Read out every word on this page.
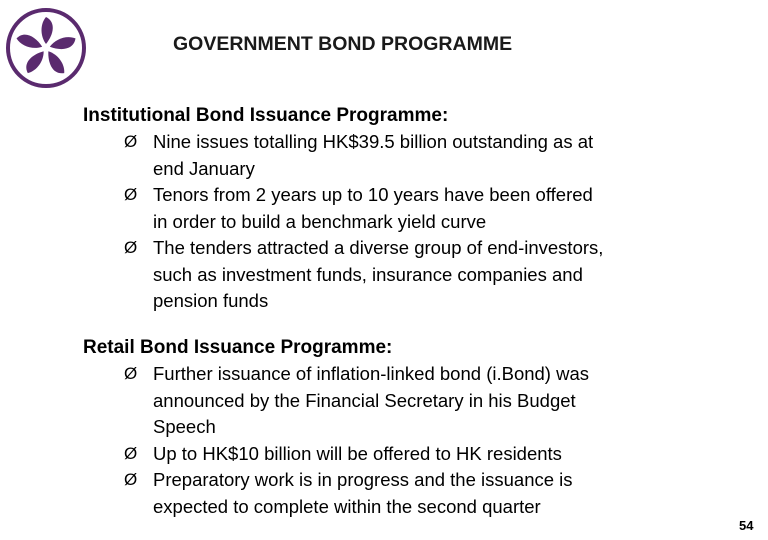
GOVERNMENT BOND PROGRAMME
Institutional Bond Issuance Programme:
Ø Nine issues totalling HK$39.5 billion outstanding as at
end January
Ø Tenors from 2 years up to 10 years have been offered
in order to build a benchmark yield curve
Ø The tenders attracted a diverse group of end-investors,
such as investment funds, insurance companies and
pension funds
Retail Bond Issuance Programme:
Ø Further issuance of inflation-linked bond (i.Bond) was
announced by the Financial Secretary in his Budget
Speech
Ø Up to HK$10 billion will be offered to HK residents
Ø Preparatory work is in progress and the issuance is
expected to complete within the second quarter
54
